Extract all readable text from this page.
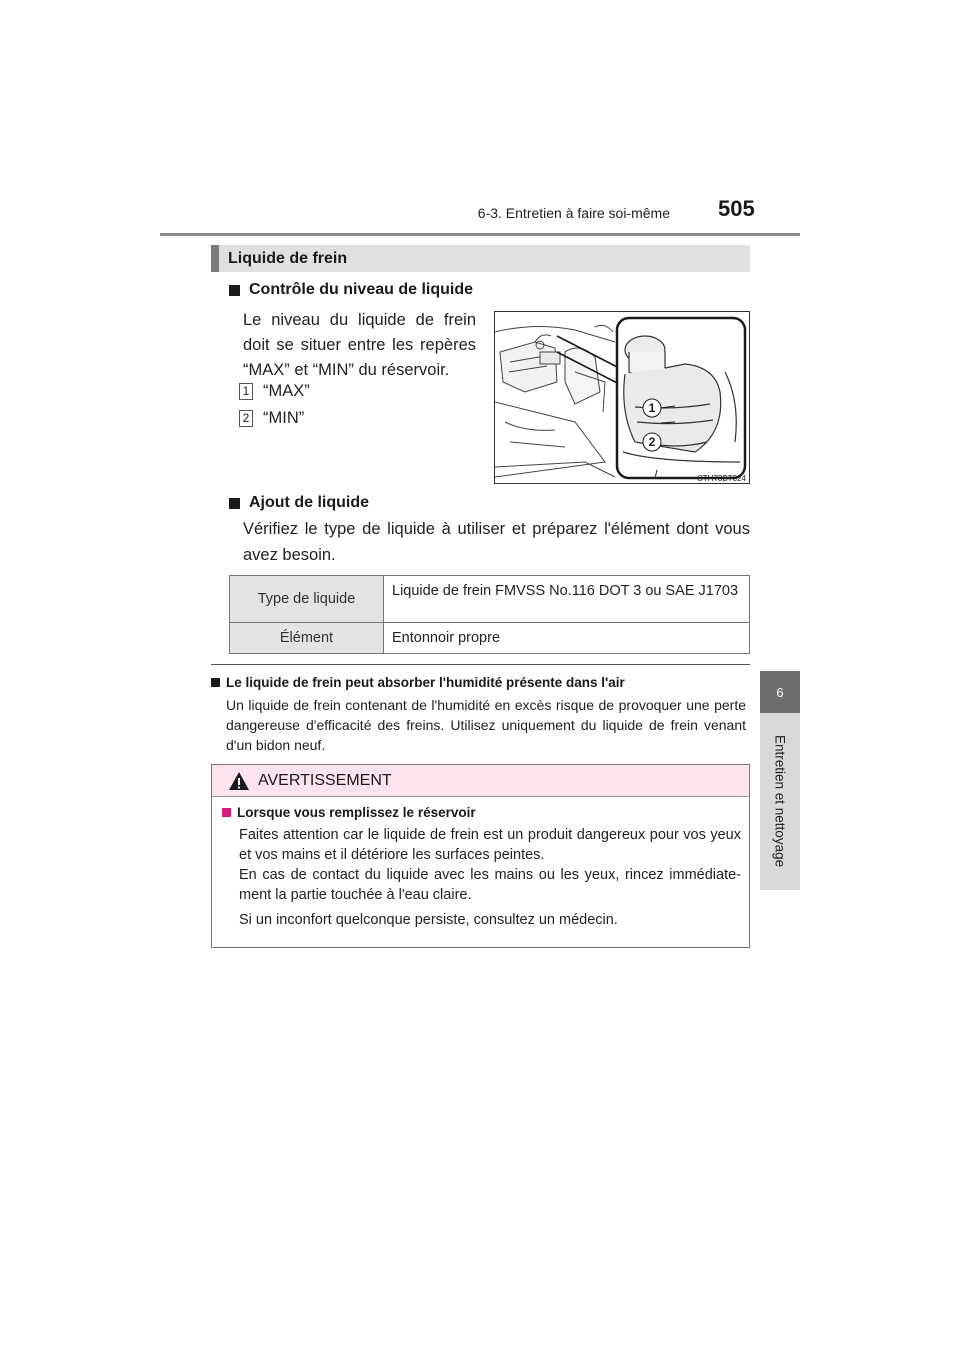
6-3. Entretien à faire soi-même 505
6
Entretien et nettoyage
Liquide de frein
Contrôle du niveau de liquide
Le niveau du liquide de frein
doit se situer entre les repères
“MAX” et “MIN” du réservoir.
1 “MAX”
2 “MIN”
1
2
CTH73BT024
Ajout de liquide
Vérifiez le type de liquide à utiliser et préparez l'élément dont vous avez besoin.
Type de liquide	Liquide de frein FMVSS No.116 DOT 3 ou SAE J1703
Élément	Entonnoir propre
Le liquide de frein peut absorber l'humidité présente dans l'air
Un liquide de frein contenant de l'humidité en excès risque de provoquer une perte dangereuse d'efficacité des freins. Utilisez uniquement du liquide de frein venant d'un bidon neuf.
AVERTISSEMENT
Lorsque vous remplissez le réservoir
Faites attention car le liquide de frein est un produit dangereux pour vos yeux et vos mains et il détériore les surfaces peintes.
En cas de contact du liquide avec les mains ou les yeux, rincez immédiate- ment la partie touchée à l'eau claire.
Si un inconfort quelconque persiste, consultez un médecin.
